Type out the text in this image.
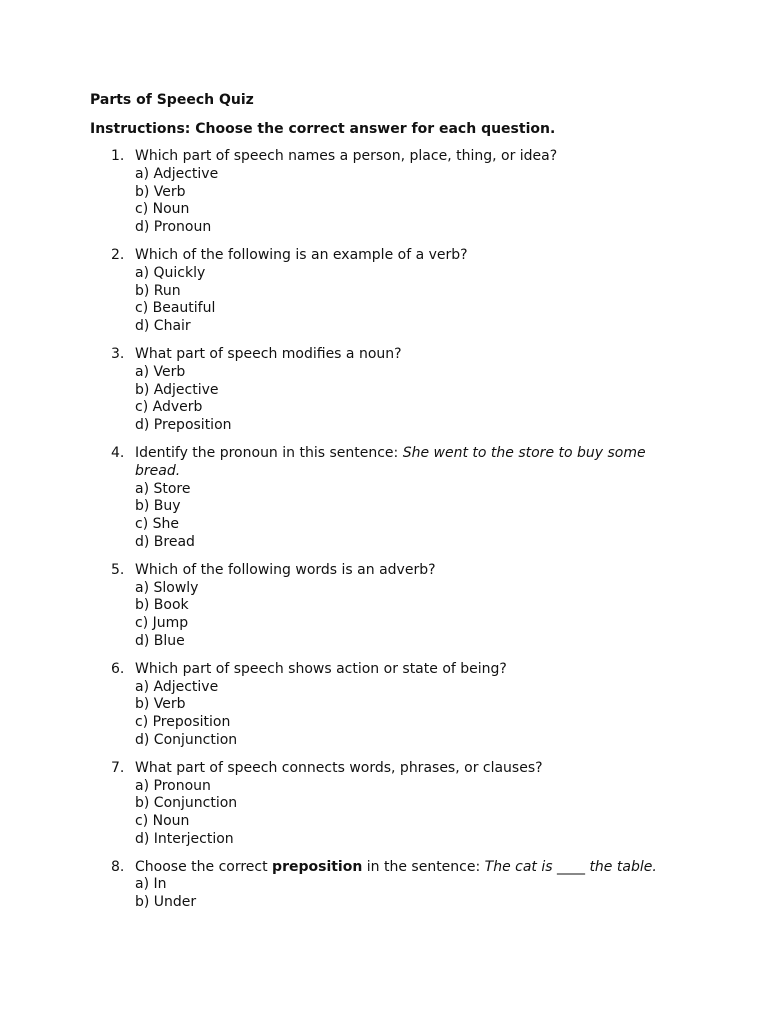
Parts of Speech Quiz
Instructions: Choose the correct answer for each question.
1. Which part of speech names a person, place, thing, or idea?
a) Adjective
b) Verb
c) Noun
d) Pronoun
2. Which of the following is an example of a verb?
a) Quickly
b) Run
c) Beautiful
d) Chair
3. What part of speech modifies a noun?
a) Verb
b) Adjective
c) Adverb
d) Preposition
4. Identify the pronoun in this sentence: She went to the store to buy some bread.
a) Store
b) Buy
c) She
d) Bread
5. Which of the following words is an adverb?
a) Slowly
b) Book
c) Jump
d) Blue
6. Which part of speech shows action or state of being?
a) Adjective
b) Verb
c) Preposition
d) Conjunction
7. What part of speech connects words, phrases, or clauses?
a) Pronoun
b) Conjunction
c) Noun
d) Interjection
8. Choose the correct preposition in the sentence: The cat is ____ the table.
a) In
b) Under
